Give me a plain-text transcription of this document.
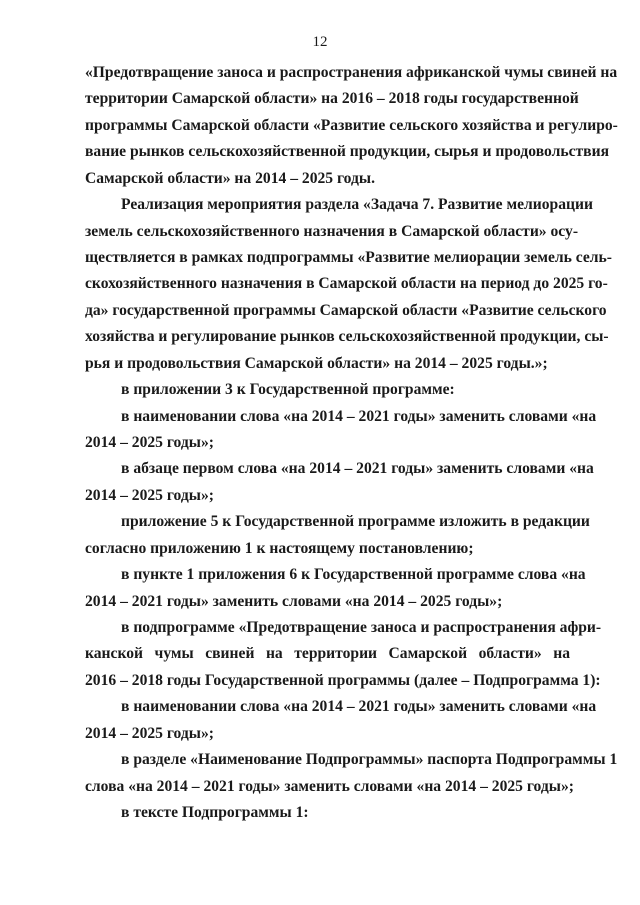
12
«Предотвращение заноса и распространения африканской чумы свиней на
территории Самарской области» на 2016 – 2018 годы государственной
программы Самарской области «Развитие сельского хозяйства и регулиро-
вание рынков сельскохозяйственной продукции, сырья и продовольствия
Самарской области» на 2014 – 2025 годы.
Реализация мероприятия раздела «Задача 7. Развитие мелиорации
земель сельскохозяйственного назначения в Самарской области» осу-
ществляется в рамках подпрограммы «Развитие мелиорации земель сель-
скохозяйственного назначения в Самарской области на период до 2025 го-
да» государственной программы Самарской области «Развитие сельского
хозяйства и регулирование рынков сельскохозяйственной продукции, сы-
рья и продовольствия Самарской области» на 2014 – 2025 годы.»;
в приложении 3 к Государственной программе:
в наименовании слова «на 2014 – 2021 годы» заменить словами «на
2014 – 2025 годы»;
в абзаце первом слова «на 2014 – 2021 годы» заменить словами «на
2014 – 2025 годы»;
приложение 5 к Государственной программе изложить в редакции
согласно приложению 1 к настоящему постановлению;
в пункте 1 приложения 6 к Государственной программе слова «на
2014 – 2021 годы» заменить словами «на 2014 – 2025 годы»;
в подпрограмме «Предотвращение заноса и распространения афри-
канской чумы свиней на территории Самарской области» на
2016 – 2018 годы Государственной программы (далее – Подпрограмма 1):
в наименовании слова «на 2014 – 2021 годы» заменить словами «на
2014 – 2025 годы»;
в разделе «Наименование Подпрограммы» паспорта Подпрограммы 1
слова «на 2014 – 2021 годы» заменить словами «на 2014 – 2025 годы»;
в тексте Подпрограммы 1:
